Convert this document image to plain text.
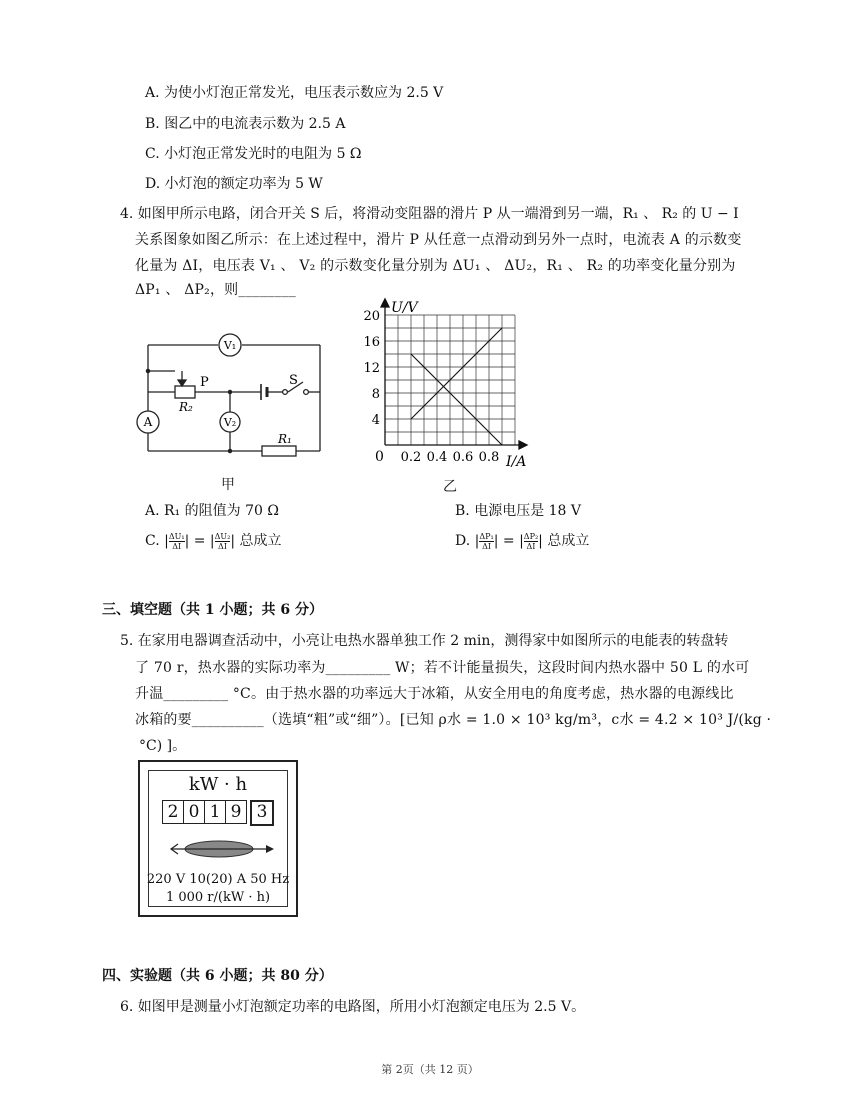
A. 为使小灯泡正常发光，电压表示数应为 2.5 V
B. 图乙中的电流表示数为 2.5 A
C. 小灯泡正常发光时的电阻为 5 Ω
D. 小灯泡的额定功率为 5 W
4. 如图甲所示电路，闭合开关 S 后，将滑动变阻器的滑片 P 从一端滑到另一端，R₁ 、 R₂ 的 U − I
关系图象如图乙所示：在上述过程中，滑片 P 从任意一点滑动到另外一点时，电流表 A 的示数变
化量为 ΔI，电压表 V₁ 、 V₂ 的示数变化量分别为 ΔU₁ 、 ΔU₂，R₁ 、 R₂ 的功率变化量分别为
ΔP₁ 、 ΔP₂，则________
V₁
V₂
A
P	S
R₁
R₂
甲
4
8
12
16
20
0.2 0.4 0.6 0.8
U/V
I/A
0
乙
A. R₁ 的阻值为 70 Ω	B. 电源电压是 18 V
C. | $\frac{\text{ΔU₁}}{\Delta I}$ | = | $\frac{\text{ΔU₂}}{\Delta I}$ | 总成立	D. | $\frac{\text{ΔP₁}}{\Delta I}$ | = | $\frac{\text{ΔP₂}}{\Delta I}$ | 总成立
三、填空题（共 1 小题；共 6 分）
5. 在家用电器调查活动中，小亮让电热水器单独工作 2 min，测得家中如图所示的电能表的转盘转
了 70 r，热水器的实际功率为_________ W；若不计能量损失，这段时间内热水器中 50 L 的水可
升温_________ °C。由于热水器的功率远大于冰箱，从安全用电的角度考虑，热水器的电源线比
冰箱的要__________（选填“粗”或“细”）。[已知 ρ水 = 1.0 × 10³ kg/m³，c水 = 4.2 × 10³ J/(kg ·
°C) ]。
kW · h
2 0 1 9 3
220 V 10(20) A 50 Hz
1 000 r/(kW · h)
四、实验题（共 6 小题；共 80 分）
6. 如图甲是测量小灯泡额定功率的电路图，所用小灯泡额定电压为 2.5 V。
第 2页（共 12 页）
